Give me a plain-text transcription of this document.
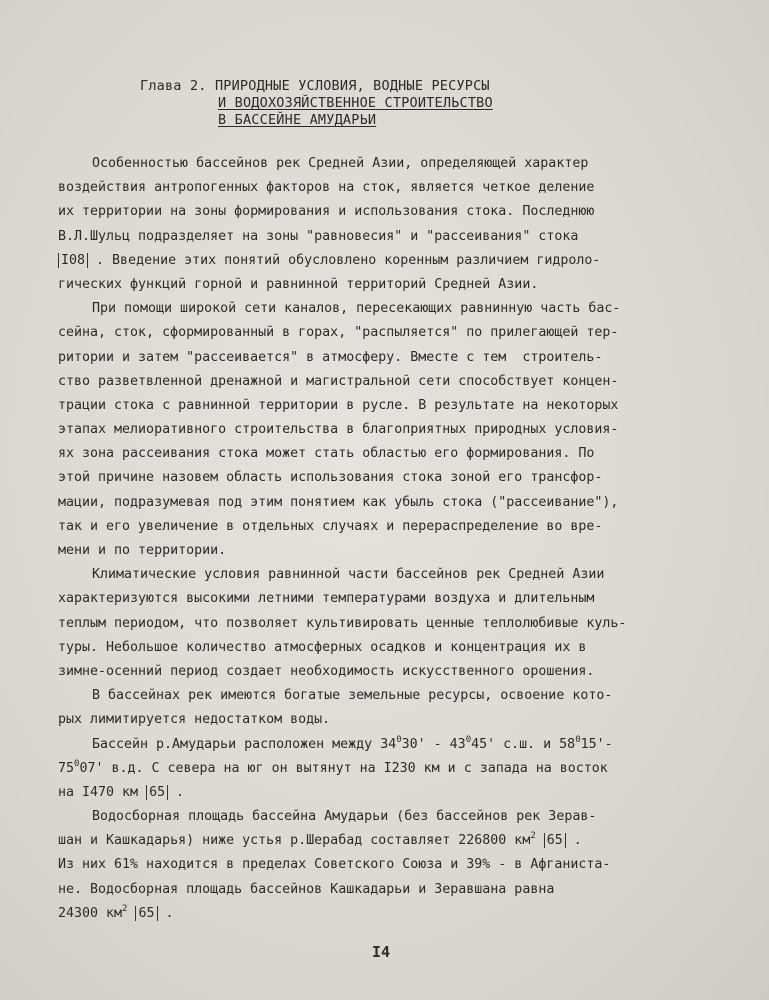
Глава 2. ПРИРОДНЫЕ УСЛОВИЯ, ВОДНЫЕ РЕСУРСЫ
И ВОДОХОЗЯЙСТВЕННОЕ СТРОИТЕЛЬСТВО
В БАССЕЙНЕ АМУДАРЬИ
Особенностью бассейнов рек Средней Азии, определяющей характер
воздействия антропогенных факторов на сток, является четкое деление
их территории на зоны формирования и использования стока. Последнюю
В.Л.Шульц подразделяет на зоны "равновесия" и "рассеивания" стока
I08 . Введение этих понятий обусловлено коренным различием гидроло-
гических функций горной и равнинной территорий Средней Азии.
При помощи широкой сети каналов, пересекающих равнинную часть бас-
сейна, сток, сформированный в горах, "распыляется" по прилегающей тер-
ритории и затем "рассеивается" в атмосферу. Вместе с тем  строитель-
ство разветвленной дренажной и магистральной сети способствует концен-
трации стока с равнинной территории в русле. В результате на некоторых
этапах мелиоративного строительства в благоприятных природных условия-
ях зона рассеивания стока может стать областью его формирования. По
этой причине назовем область использования стока зоной его трансфор-
мации, подразумевая под этим понятием как убыль стока ("рассеивание"),
так и его увеличение в отдельных случаях и перераспределение во вре-
мени и по территории.
Климатические условия равнинной части бассейнов рек Средней Азии
характеризуются высокими летними температурами воздуха и длительным
теплым периодом, что позволяет культивировать ценные теплолюбивые куль-
туры. Небольшое количество атмосферных осадков и концентрация их в
зимне-осенний период создает необходимость искусственного орошения.
В бассейнах рек имеются богатые земельные ресурсы, освоение кото-
рых лимитируется недостатком воды.
Бассейн р.Амударьи расположен между $34^030' - 43^045'$ с.ш. и $58^015'-$
$75^007'$ в.д. С севера на юг он вытянут на I230 км и с запада на восток
на I470 км 65 .
Водосборная площадь бассейна Амударьи (без бассейнов рек Зерав-
шан и Кашкадарья) ниже устья р.Шерабад составляет 226800 $км^2$ 65 .
Из них 61% находится в пределах Советского Союза и 39% - в Афганиста-
не. Водосборная площадь бассейнов Кашкадарьи и Зеравшана равна
24300 $км^2$ 65 .
I4
